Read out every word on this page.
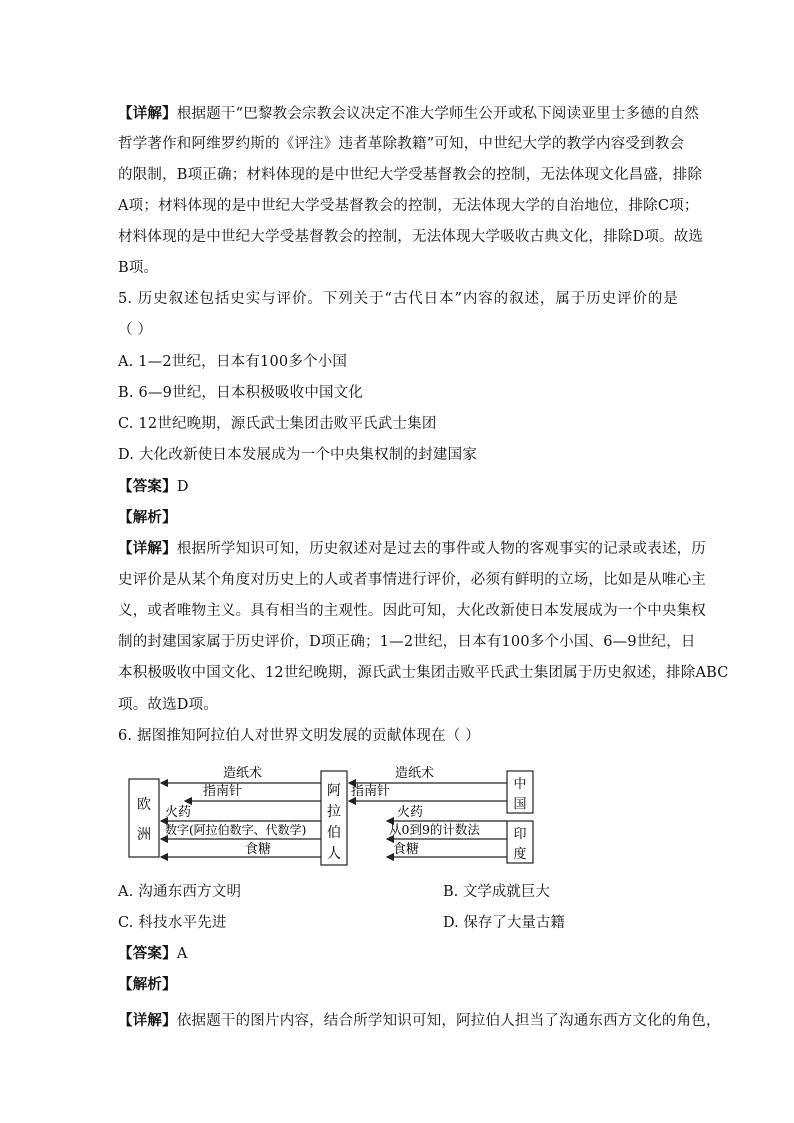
【详解】根据题干“巴黎教会宗教会议决定不准大学师生公开或私下阅读亚里士多德的自然
哲学著作和阿维罗约斯的《评注》违者革除教籍”可知，中世纪大学的教学内容受到教会
的限制，B项正确；材料体现的是中世纪大学受基督教会的控制，无法体现文化昌盛，排除
A项；材料体现的是中世纪大学受基督教会的控制，无法体现大学的自治地位，排除C项；
材料体现的是中世纪大学受基督教会的控制，无法体现大学吸收古典文化，排除D项。故选
B项。
5. 历史叙述包括史实与评价。下列关于“古代日本”内容的叙述，属于历史评价的是
（ ）
A. 1—2世纪，日本有100多个小国
B. 6—9世纪，日本积极吸收中国文化
C. 12世纪晚期，源氏武士集团击败平氏武士集团
D. 大化改新使日本发展成为一个中央集权制的封建国家
【答案】D
【解析】
【详解】根据所学知识可知，历史叙述对是过去的事件或人物的客观事实的记录或表述，历
史评价是从某个角度对历史上的人或者事情进行评价，必须有鲜明的立场，比如是从唯心主
义，或者唯物主义。具有相当的主观性。因此可知，大化改新使日本发展成为一个中央集权
制的封建国家属于历史评价，D项正确；1—2世纪，日本有100多个小国、6—9世纪，日
本积极吸收中国文化、12世纪晚期，源氏武士集团击败平氏武士集团属于历史叙述，排除ABC
项。故选D项。
6. 据图推知阿拉伯人对世界文明发展的贡献体现在（ ）
欧
洲
阿
拉
伯
人
中
国
印
度
造纸术
指南针
火药
数字(阿拉伯数字、代数学)
食糖
造纸术
指南针
火药
从0到9的计数法
食糖
A. 沟通东西方文明	B. 文学成就巨大
C. 科技水平先进	D. 保存了大量古籍
【答案】A
【解析】
【详解】依据题干的图片内容，结合所学知识可知，阿拉伯人担当了沟通东西方文化的角色，
